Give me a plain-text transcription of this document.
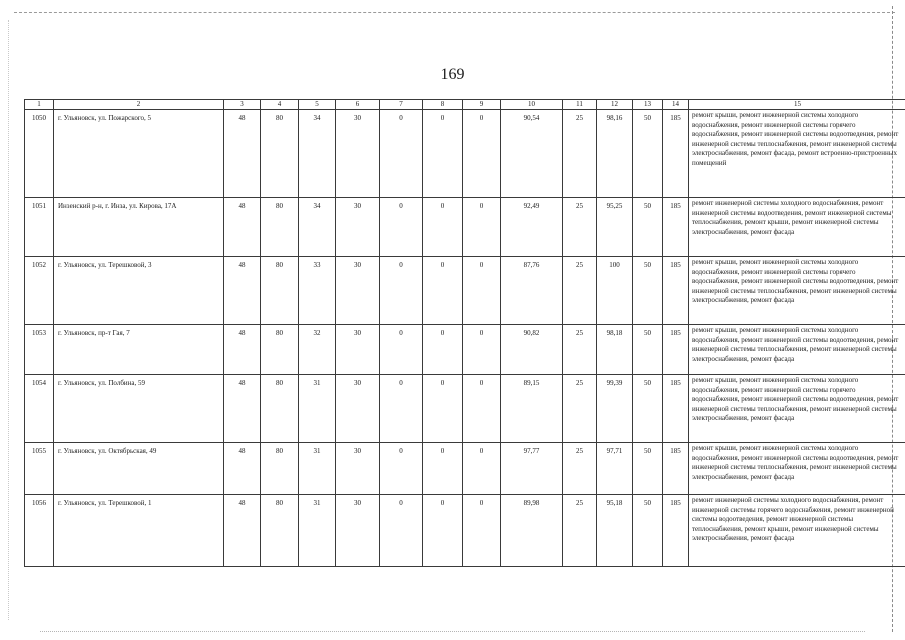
169
1	2	3	4	5	6	7	8	9	10	11	12	13	14	15
1050	г. Ульяновск, ул. Пожарского, 5	48	80	34	30	0	0	0	90,54	25	98,16	50	185	ремонт крыши, ремонт инженерной системы холодного водоснабжения, ремонт инженерной системы горячего водоснабжения, ремонт инженерной системы водоотведения, ремонт инженерной системы теплоснабжения, ремонт инженерной системы электроснабжения, ремонт фасада, ремонт встроенно-пристроенных помещений
1051	Инзенский р-н, г. Инза, ул. Кирова, 17А	48	80	34	30	0	0	0	92,49	25	95,25	50	185	ремонт инженерной системы холодного водоснабжения, ремонт инженерной системы водоотведения, ремонт инженерной системы теплоснабжения, ремонт крыши, ремонт инженерной системы электроснабжения, ремонт фасада
1052	г. Ульяновск, ул. Терешковой, 3	48	80	33	30	0	0	0	87,76	25	100	50	185	ремонт крыши, ремонт инженерной системы холодного водоснабжения, ремонт инженерной системы горячего водоснабжения, ремонт инженерной системы водоотведения, ремонт инженерной системы теплоснабжения, ремонт инженерной системы электроснабжения, ремонт фасада
1053	г. Ульяновск, пр-т Гая, 7	48	80	32	30	0	0	0	90,82	25	98,18	50	185	ремонт крыши, ремонт инженерной системы холодного водоснабжения, ремонт инженерной системы водоотведения, ремонт инженерной системы теплоснабжения, ремонт инженерной системы электроснабжения, ремонт фасада
1054	г. Ульяновск, ул. Полбина, 59	48	80	31	30	0	0	0	89,15	25	99,39	50	185	ремонт крыши, ремонт инженерной системы холодного водоснабжения, ремонт инженерной системы горячего водоснабжения, ремонт инженерной системы водоотведения, ремонт инженерной системы теплоснабжения, ремонт инженерной системы электроснабжения, ремонт фасада
1055	г. Ульяновск, ул. Октябрьская, 49	48	80	31	30	0	0	0	97,77	25	97,71	50	185	ремонт крыши, ремонт инженерной системы холодного водоснабжения, ремонт инженерной системы водоотведения, ремонт инженерной системы теплоснабжения, ремонт инженерной системы электроснабжения, ремонт фасада
1056	г. Ульяновск, ул. Терешковой, 1	48	80	31	30	0	0	0	89,98	25	95,18	50	185	ремонт инженерной системы холодного водоснабжения, ремонт инженерной системы горячего водоснабжения, ремонт инженерной системы водоотведения, ремонт инженерной системы теплоснабжения, ремонт крыши, ремонт инженерной системы электроснабжения, ремонт фасада
